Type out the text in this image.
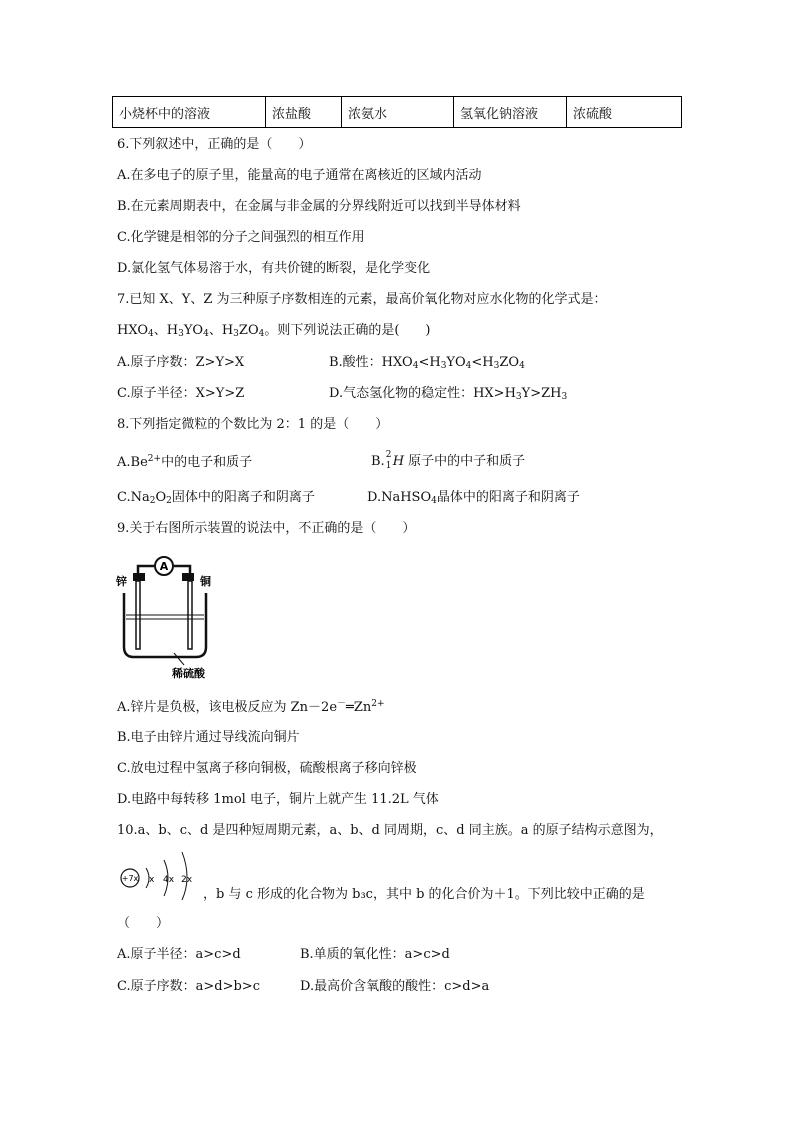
小烧杯中的溶液	浓盐酸	浓氨水	氢氧化钠溶液	浓硫酸
6.下列叙述中，正确的是（　　）
A.在多电子的原子里，能量高的电子通常在离核近的区域内活动
B.在元素周期表中，在金属与非金属的分界线附近可以找到半导体材料
C.化学键是相邻的分子之间强烈的相互作用
D.氯化氢气体易溶于水，有共价键的断裂，是化学变化
7.已知 X、Y、Z 为三种原子序数相连的元素，最高价氧化物对应水化物的化学式是：
$HXO_4$、$H_3YO_4$、$H_3ZO_4$。则下列说法正确的是(　　)
A.原子序数：Z>Y>X	B.酸性：$HXO_4<H_3YO_4<H_3ZO_4$
C.原子半径：X>Y>Z	D.气态氢化物的稳定性：$HX>H_3Y>ZH_3$
8.下列指定微粒的个数比为 2：1 的是（　　）
$A.Be^{2+}$中的电子和质子	B. 2
1 H 原子中的中子和质子
$C.Na_2O_2$固体中的阳离子和阴离子	D.NaHSO$_4$晶体中的阳离子和阴离子
9.关于右图所示装置的说法中，不正确的是（　　）
A
锌	铜
稀硫酸
A.锌片是负极，该电极反应为 $Zn-2e^-═Zn^{2+}$
B.电子由锌片通过导线流向铜片
C.放电过程中氢离子移向铜极，硫酸根离子移向锌极
D.电路中每转移 1mol 电子，铜片上就产生 11.2L 气体
10.a、b、c、d 是四种短周期元素，a、b、d 同周期，c、d 同主族。a 的原子结构示意图为，
+7x x 4x 2x
，b 与 c 形成的化合物为 b₃c，其中 b 的化合价为＋1。下列比较中正确的是
（　　）
A.原子半径：a>c>d	B.单质的氧化性：a>c>d
C.原子序数：a>d>b>c	D.最高价含氧酸的酸性：c>d>a
